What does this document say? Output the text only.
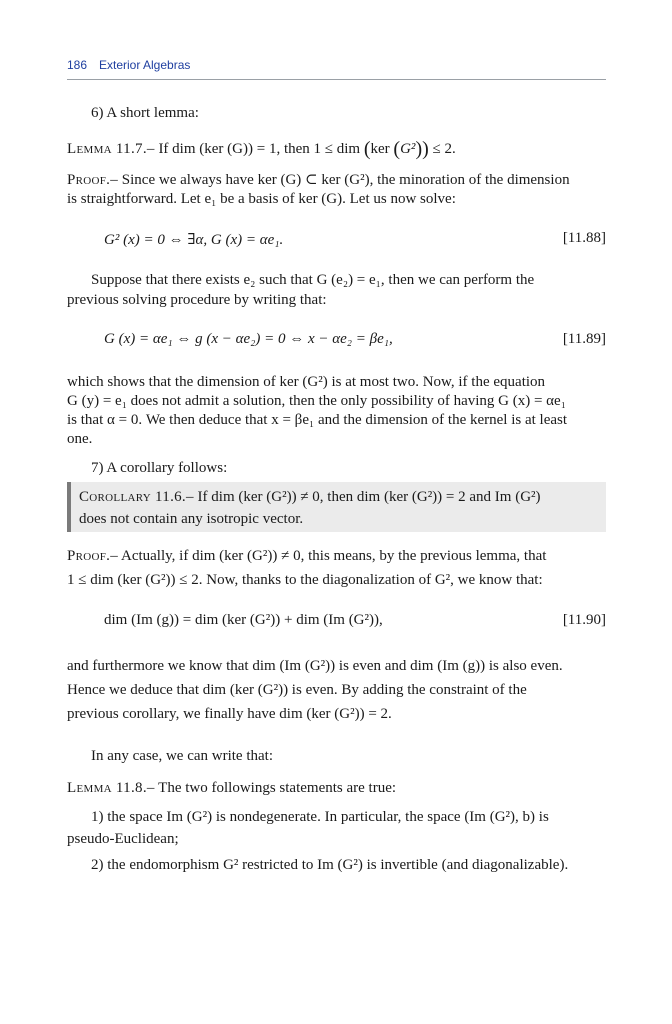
186 Exterior Algebras

6) A short lemma:

Lemma 11.7.– If dim (ker (G)) = 1, then 1 ≤ dim (ker (G²)) ≤ 2.

Proof.– Since we always have ker (G) ⊂ ker (G²), the minoration of the dimension

is straightforward. Let e₁ be a basis of ker (G). Let us now solve:

G² (x) = 0 ⇔ ∃α, G (x) = αe₁.	[11.88]

Suppose that there exists e₂ such that G (e₂) = e₁, then we can perform the

previous solving procedure by writing that:

G (x) = αe₁ ⇔ g (x − αe₂) = 0 ⇔ x − αe₂ = βe₁,	[11.89]

which shows that the dimension of ker (G²) is at most two. Now, if the equation

G (y) = e₁ does not admit a solution, then the only possibility of having G (x) = αe₁

is that α = 0. We then deduce that x = βe₁ and the dimension of the kernel is at least

one.

7) A corollary follows:

Corollary 11.6.– If dim (ker (G²)) ≠ 0, then dim (ker (G²)) = 2 and Im (G²)

does not contain any isotropic vector.

Proof.– Actually, if dim (ker (G²)) ≠ 0, this means, by the previous lemma, that

1 ≤ dim (ker (G²)) ≤ 2. Now, thanks to the diagonalization of G², we know that:

dim (Im (g)) = dim (ker (G²)) + dim (Im (G²)),	[11.90]

and furthermore we know that dim (Im (G²)) is even and dim (Im (g)) is also even.

Hence we deduce that dim (ker (G²)) is even. By adding the constraint of the

previous corollary, we finally have dim (ker (G²)) = 2.

In any case, we can write that:

Lemma 11.8.– The two followings statements are true:

1) the space Im (G²) is nondegenerate. In particular, the space (Im (G²), b) is

pseudo-Euclidean;

2) the endomorphism G² restricted to Im (G²) is invertible (and diagonalizable).
